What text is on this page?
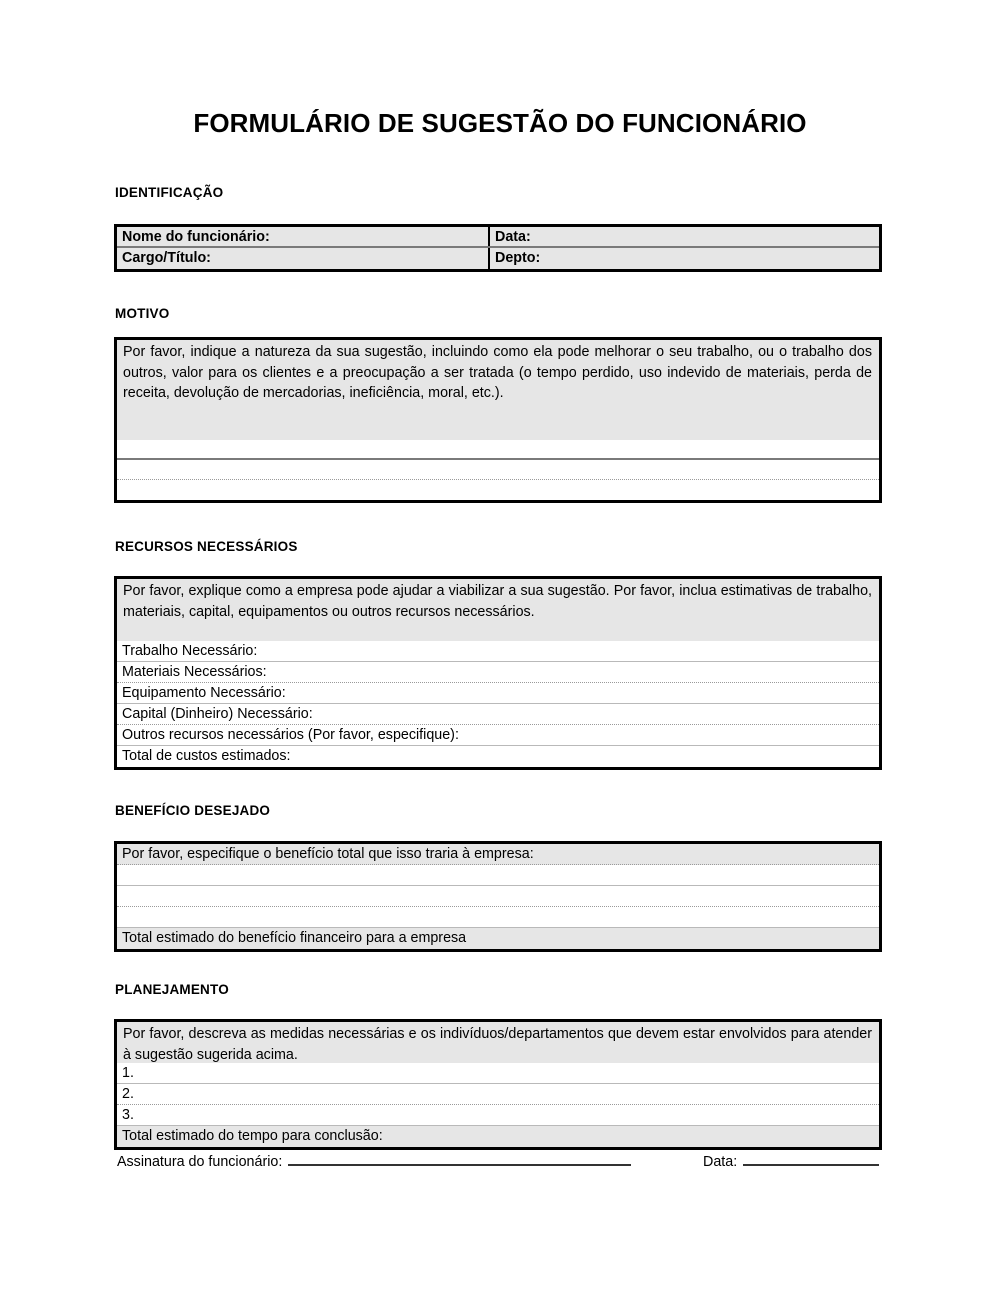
FORMULÁRIO DE SUGESTÃO DO FUNCIONÁRIO
IDENTIFICAÇÃO
Nome do funcionário:	Data:
Cargo/Título:	Depto:
MOTIVO
Por favor, indique a natureza da sua sugestão, incluindo como ela pode melhorar o seu trabalho, ou o trabalho dos outros, valor para os clientes e a preocupação a ser tratada (o tempo perdido, uso indevido de materiais, perda de receita, devolução de mercadorias, ineficiência, moral, etc.).
RECURSOS NECESSÁRIOS
Por favor, explique como a empresa pode ajudar a viabilizar a sua sugestão. Por favor, inclua estimativas de trabalho, materiais, capital, equipamentos ou outros recursos necessários.
Trabalho Necessário:
Materiais Necessários:
Equipamento Necessário:
Capital (Dinheiro) Necessário:
Outros recursos necessários (Por favor, especifique):
Total de custos estimados:
BENEFÍCIO DESEJADO
Por favor, especifique o benefício total que isso traria à empresa:
Total estimado do benefício financeiro para a empresa
PLANEJAMENTO
Por favor, descreva as medidas necessárias e os indivíduos/departamentos que devem estar envolvidos para atender à sugestão sugerida acima.
1.
2.
3.
Total estimado do tempo para conclusão:
Assinatura do funcionário:	Data:
